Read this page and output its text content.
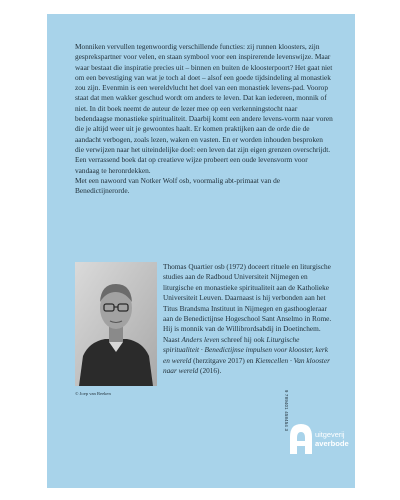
Monniken vervullen tegenwoordig verschillende functies: zij runnen kloosters, zijn gesprekspartner voor velen, en staan symbool voor een inspirerende levenswijze. Maar waar bestaat die inspiratie precies uit – binnen en buiten de kloosterpoort? Het gaat niet om een bevestiging van wat je toch al doet – alsof een goede tijdsindeling al monastiek zou zijn. Evenmin is een wereldvlucht het doel van een monastiek levens-pad. Voorop staat dat men wakker geschud wordt om anders te leven. Dat kan iedereen, monnik of niet. In dit boek neemt de auteur de lezer mee op een verkenningstocht naar bedendaagse monastieke spiritualiteit. Daarbij komt een andere levens-vorm naar voren die je altijd weer uit je gewoontes haalt. Er komen praktijken aan de orde die de aandacht verbogen, zoals lezen, waken en vasten. En er worden inhouden besproken die verwijzen naar het uiteindelijke doel: een leven dat zijn eigen grenzen overschrijdt.

Een verrassend boek dat op creatieve wijze probeert een oude levensvorm voor vandaag te heronrdekken.

Met een nawoord van Notker Wolf osb, voormalig abt-primaat van de Benedictijnerorde.

© Joep van Reeken

Thomas Quartier osb (1972) doceert rituele en liturgische studies aan de Radboud Universiteit Nijmegen en liturgische en monastieke spiritualiteit aan de Katholieke Universiteit Leuven. Daarnaast is hij verbonden aan het Titus Brandsma Instituut in Nijmegen en gasthoogleraar aan de Benedictijnse Hogeschool Sant Anselmo in Rome. Hij is monnik van de Willibrordsabdij in Doetinchem. Naast Anders leven schreef hij ook Liturgische spiritualiteit · Benedictijnse impulsen voor klooster, kerk en wereld (herzitgave 2017) en Kiemcellen · Van klooster naar wereld (2016).

9 789401 458454 3
uitgeverij
averbode
